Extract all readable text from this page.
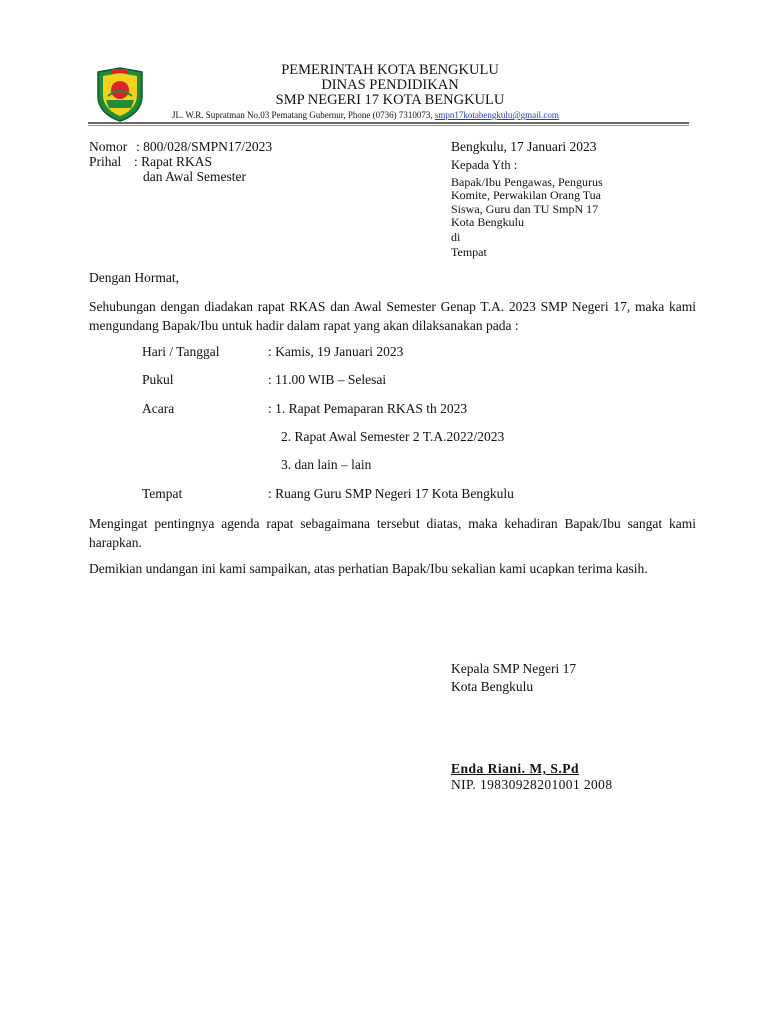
PEMERINTAH KOTA BENGKULU
DINAS PENDIDIKAN
SMP NEGERI 17 KOTA BENGKULU
JL. W.R. Supratman No.03 Pematang Gubernur, Phone (0736) 7310073, smpn17kotabengkulu@gmail.com
Nomor : 800/028/SMPN17/2023
Prihal : Rapat RKAS
dan Awal Semester
Bengkulu, 17 Januari 2023
Kepada Yth :
Bapak/Ibu Pengawas, Pengurus
Komite, Perwakilan Orang Tua
Siswa, Guru dan TU SmpN 17
Kota Bengkulu
di
Tempat
Dengan Hormat,
Sehubungan dengan diadakan rapat RKAS dan Awal Semester Genap T.A. 2023 SMP Negeri 17, maka kami mengundang Bapak/Ibu untuk hadir dalam rapat yang akan dilaksanakan pada :
Hari / Tanggal	: Kamis, 19 Januari 2023
Pukul	: 11.00 WIB – Selesai
Acara	: 1. Rapat Pemaparan RKAS th 2023
2. Rapat Awal Semester 2 T.A.2022/2023
3. dan lain – lain
Tempat	: Ruang Guru SMP Negeri 17 Kota Bengkulu
Mengingat pentingnya agenda rapat sebagaimana tersebut diatas, maka kehadiran Bapak/Ibu sangat kami harapkan.
Demikian undangan ini kami sampaikan, atas perhatian Bapak/Ibu sekalian kami ucapkan terima kasih.
Kepala SMP Negeri 17
Kota Bengkulu
Enda Riani. M, S.Pd
NIP. 19830928201001 2008
